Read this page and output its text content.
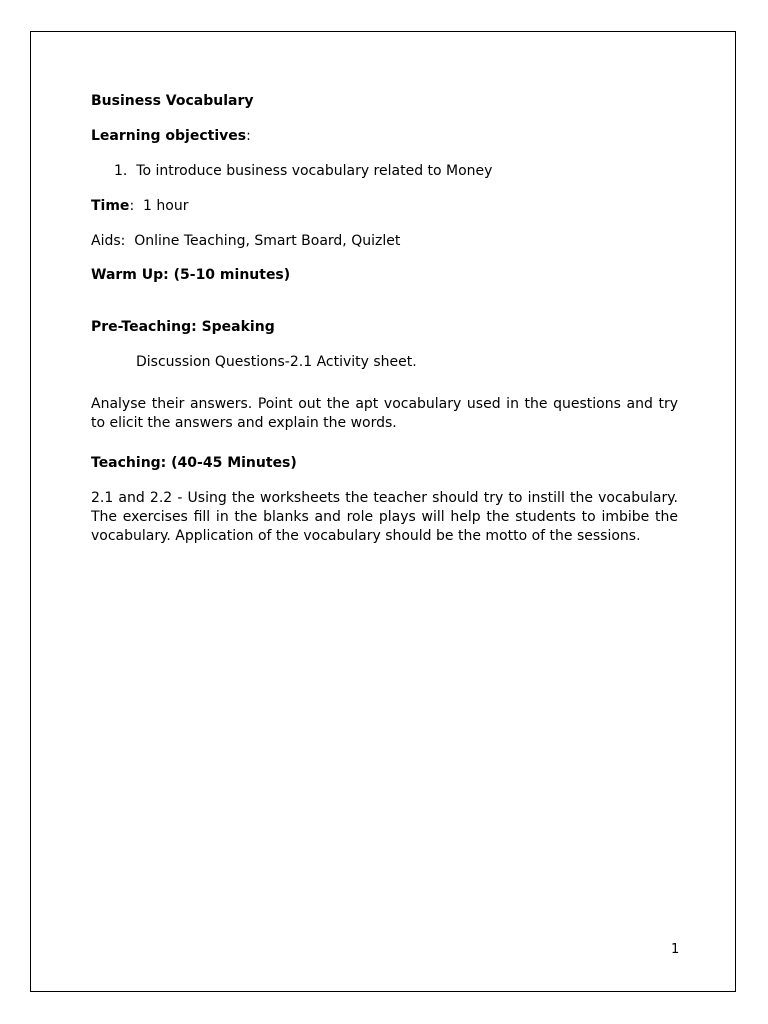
Business Vocabulary
Learning objectives:
1. To introduce business vocabulary related to Money
Time:  1 hour
Aids:  Online Teaching, Smart Board, Quizlet
Warm Up: (5-10 minutes)
Pre-Teaching: Speaking
Discussion Questions-2.1 Activity sheet.
Analyse their answers. Point out the apt vocabulary used in the questions and try to elicit the answers and explain the words.
Teaching: (40-45 Minutes)
2.1 and 2.2 - Using the worksheets the teacher should try to instill the vocabulary. The exercises fill in the blanks and role plays will help the students to imbibe the vocabulary. Application of the vocabulary should be the motto of the sessions.
1
